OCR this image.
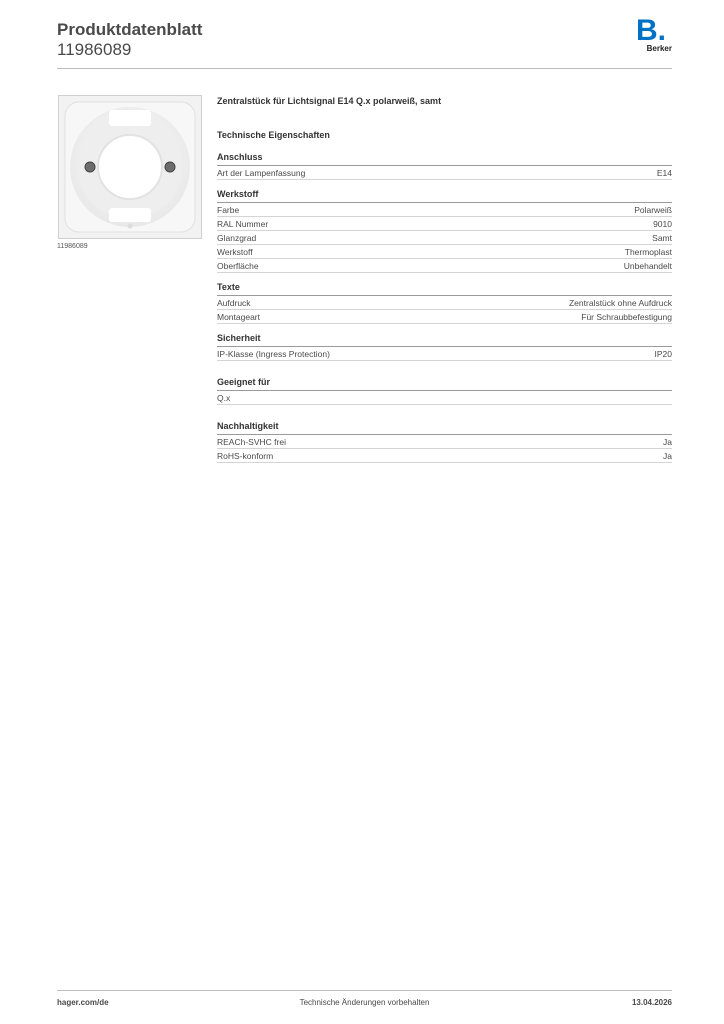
Produktdatenblatt
11986089
B.
Berker
11986089
Zentralstück für Lichtsignal E14 Q.x polarweiß, samt
Technische Eigenschaften
Anschluss
Art der Lampenfassung	E14
Werkstoff
Farbe	Polarweiß
RAL Nummer	9010
Glanzgrad	Samt
Werkstoff	Thermoplast
Oberfläche	Unbehandelt
Texte
Aufdruck	Zentralstück ohne Aufdruck
Montageart	Für Schraubbefestigung
Sicherheit
IP-Klasse (Ingress Protection)	IP20
Geeignet für
Q.x
Nachhaltigkeit
REACh-SVHC frei	Ja
RoHS-konform	Ja
hager.com/de	Technische Änderungen vorbehalten	13.04.2026
